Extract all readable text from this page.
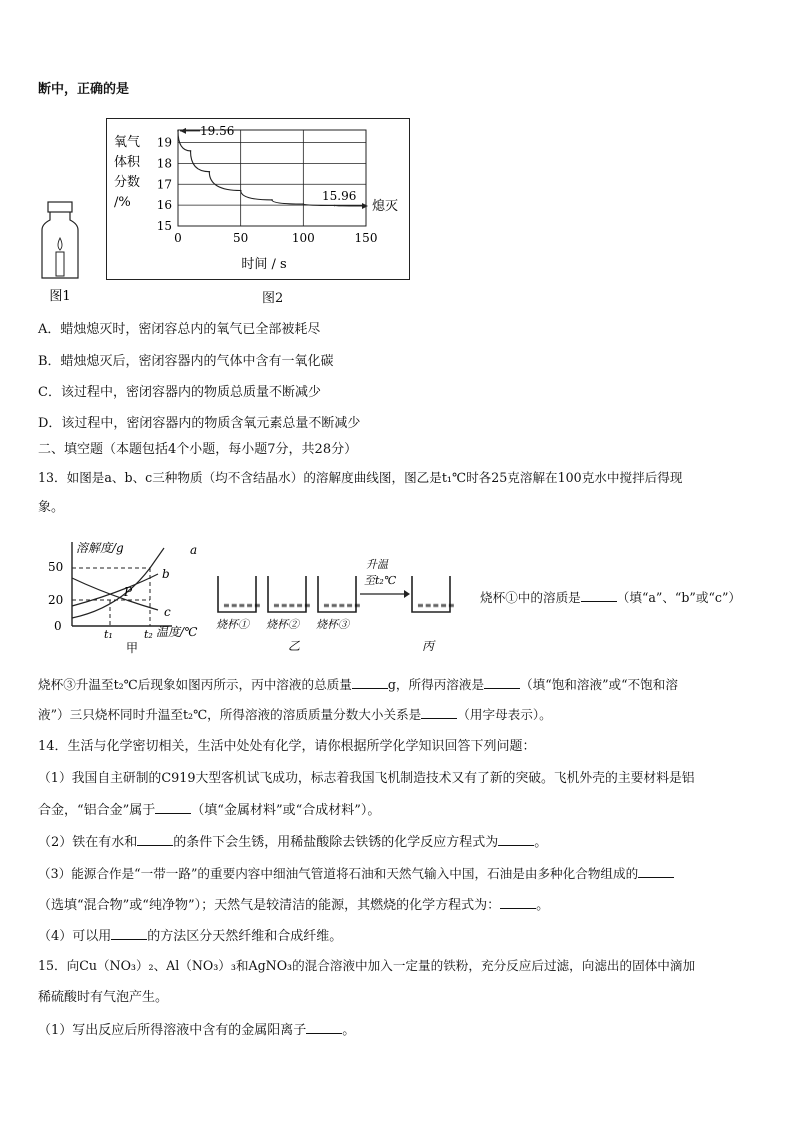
断中，正确的是
图1
氧气
体积
分数
/%
15
16
17
18
19
0	50	100	150
19.56
15.96
熄灭
时间 / s
图2
A．蜡烛熄灭时，密闭容总内的氧气已全部被耗尽
B．蜡烛熄灭后，密闭容器内的气体中含有一氧化碳
C．该过程中，密闭容器内的物质总质量不断减少
D．该过程中，密闭容器内的物质含氧元素总量不断减少
二、填空题（本题包括4个小题，每小题7分，共28分）
13．如图是a、b、c三种物质（均不含结晶水）的溶解度曲线图，图乙是t₁℃时各25克溶解在100克水中搅拌后得现
象。
溶解度/g	a
b
c
50
20
0
P
t₁	t₂ 温度/℃
甲
≡≡≡≡≡ ≡≡≡≡≡ ≡≡≡≡≡
烧杯① 烧杯② 烧杯③
乙
升温
至t₂℃
≡≡≡≡≡
丙
烧杯①中的溶质是	（填“a”、“b”或“c”）
烧杯③升温至t₂℃后现象如图丙所示，丙中溶液的总质量	g，所得丙溶液是	（填“饱和溶液”或“不饱和溶
液”）三只烧杯同时升温至t₂℃，所得溶液的溶质质量分数大小关系是	（用字母表示）。
14．生活与化学密切相关，生活中处处有化学，请你根据所学化学知识回答下列问题：
（1）我国自主研制的C919大型客机试飞成功，标志着我国飞机制造技术又有了新的突破。飞机外壳的主要材料是铝
合金，“铝合金”属于	（填“金属材料”或“合成材料”）。
（2）铁在有水和	的条件下会生锈，用稀盐酸除去铁锈的化学反应方程式为	。
（3）能源合作是“一带一路”的重要内容中细油气管道将石油和天然气输入中国，石油是由多种化合物组成的
（选填“混合物”或“纯净物”）；天然气是较清洁的能源，其燃烧的化学方程式为：	。
（4）可以用	的方法区分天然纤维和合成纤维。
15．向Cu（NO₃）₂、Al（NO₃）₃和AgNO₃的混合溶液中加入一定量的铁粉，充分反应后过滤，向滤出的固体中滴加
稀硫酸时有气泡产生。
（1）写出反应后所得溶液中含有的金属阳离子	。
